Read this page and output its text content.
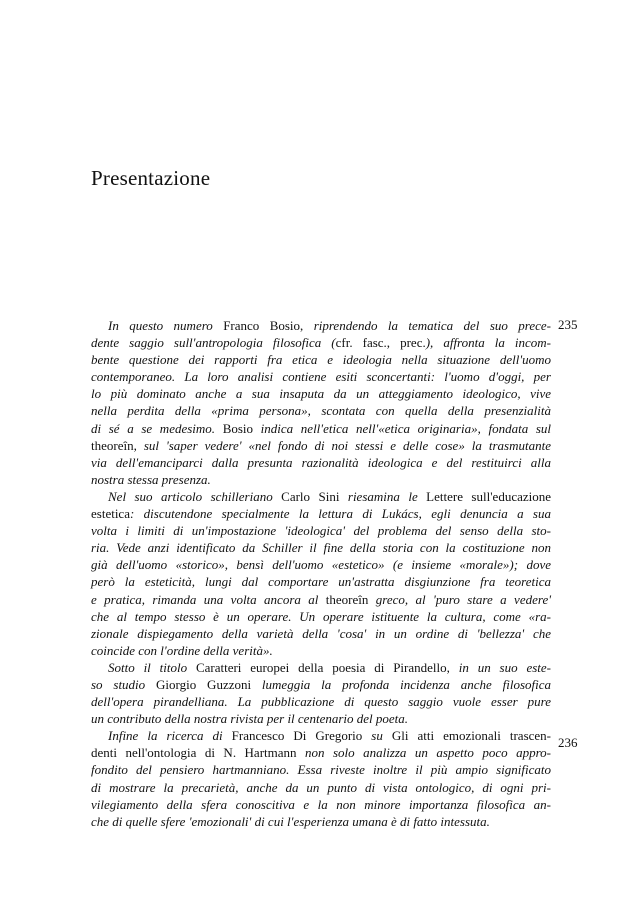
Presentazione
235
236
In questo numero Franco Bosio, riprendendo la tematica del suo prece-
dente saggio sull'antropologia filosofica (cfr. fasc., prec.), affronta la incom-
bente questione dei rapporti fra etica e ideologia nella situazione dell'uomo
contemporaneo. La loro analisi contiene esiti sconcertanti: l'uomo d'oggi, per
lo più dominato anche a sua insaputa da un atteggiamento ideologico, vive
nella perdita della «prima persona», scontata con quella della presenzialità
di sé a se medesimo. Bosio indica nell'etica nell'«etica originaria», fondata sul
theoreîn, sul 'saper vedere' «nel fondo di noi stessi e delle cose» la trasmutante
via dell'emanciparci dalla presunta razionalità ideologica e del restituirci alla
nostra stessa presenza.
Nel suo articolo schilleriano Carlo Sini riesamina le Lettere sull'educazione
estetica: discutendone specialmente la lettura di Lukács, egli denuncia a sua
volta i limiti di un'impostazione 'ideologica' del problema del senso della sto-
ria. Vede anzi identificato da Schiller il fine della storia con la costituzione non
già dell'uomo «storico», bensì dell'uomo «estetico» (e insieme «morale»); dove
però la esteticità, lungi dal comportare un'astratta disgiunzione fra teoretica
e pratica, rimanda una volta ancora al theoreîn greco, al 'puro stare a vedere'
che al tempo stesso è un operare. Un operare istituente la cultura, come «ra-
zionale dispiegamento della varietà della 'cosa' in un ordine di 'bellezza' che
coincide con l'ordine della verità».
Sotto il titolo Caratteri europei della poesia di Pirandello, in un suo este-
so studio Giorgio Guzzoni lumeggia la profonda incidenza anche filosofica
dell'opera pirandelliana. La pubblicazione di questo saggio vuole esser pure
un contributo della nostra rivista per il centenario del poeta.
Infine la ricerca di Francesco Di Gregorio su Gli atti emozionali trascen-
denti nell'ontologia di N. Hartmann non solo analizza un aspetto poco appro-
fondito del pensiero hartmanniano. Essa riveste inoltre il più ampio significato
di mostrare la precarietà, anche da un punto di vista ontologico, di ogni pri-
vilegiamento della sfera conoscitiva e la non minore importanza filosofica an-
che di quelle sfere 'emozionali' di cui l'esperienza umana è di fatto intessuta.
